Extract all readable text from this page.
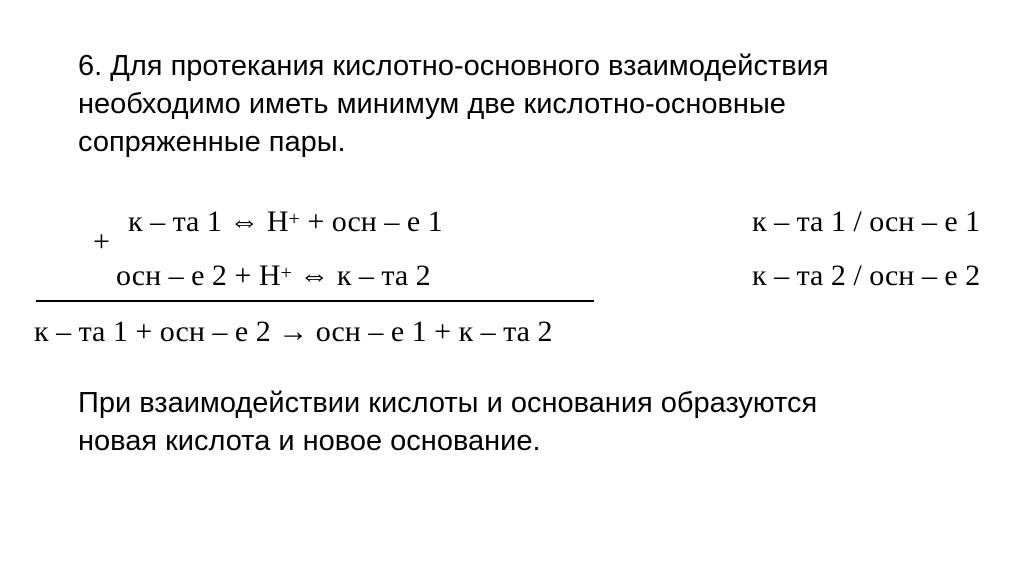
6. Для протекания кислотно-основного взаимодействия
необходимо иметь минимум две кислотно-основные
сопряженные пары.

к – та 1 ⇔ H+ + осн – е 1
+
осн – е 2 + H+ ⇔ к – та 2
к – та 1 + осн – е 2 → осн – е 1 + к – та 2
к – та 1 / осн – е 1
к – та 2 / осн – е 2

При взаимодействии кислоты и основания образуются
новая кислота и новое основание.
